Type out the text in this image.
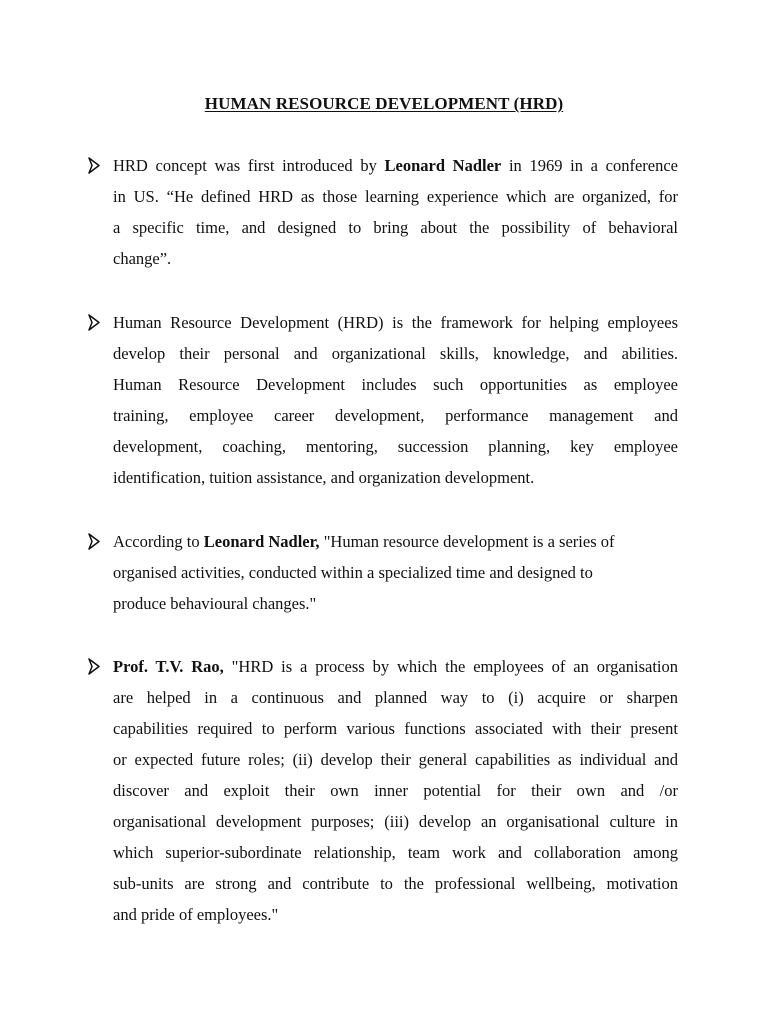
HUMAN RESOURCE DEVELOPMENT (HRD)
HRD concept was first introduced by Leonard Nadler in 1969 in a conference
in US. “He defined HRD as those learning experience which are organized, for
a specific time, and designed to bring about the possibility of behavioral
change”.
Human Resource Development (HRD) is the framework for helping employees
develop their personal and organizational skills, knowledge, and abilities.
Human Resource Development includes such opportunities as employee
training, employee career development, performance management and
development, coaching, mentoring, succession planning, key employee
identification, tuition assistance, and organization development.
According to Leonard Nadler, "Human resource development is a series of
organised activities, conducted within a specialized time and designed to
produce behavioural changes."
Prof. T.V. Rao, "HRD is a process by which the employees of an organisation
are helped in a continuous and planned way to (i) acquire or sharpen
capabilities required to perform various functions associated with their present
or expected future roles; (ii) develop their general capabilities as individual and
discover and exploit their own inner potential for their own and /or
organisational development purposes; (iii) develop an organisational culture in
which superior-subordinate relationship, team work and collaboration among
sub-units are strong and contribute to the professional wellbeing, motivation
and pride of employees."
